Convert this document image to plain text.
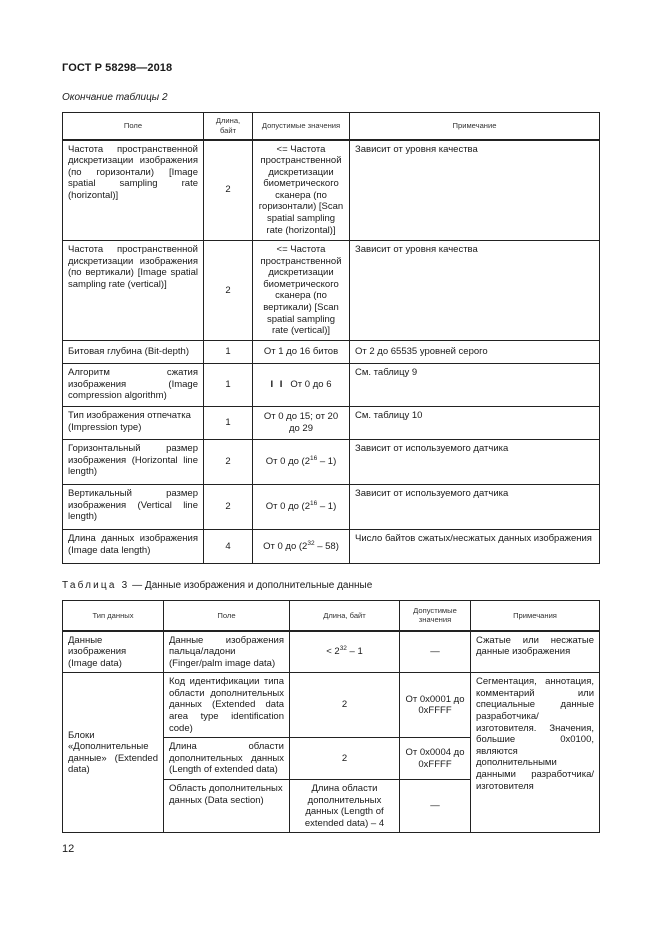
ГОСТ Р 58298—2018
Окончание таблицы 2
Поле	Длина, байт	Допустимые значения	Примечание
Частота пространственной дискретизации изображения (по горизонтали) [Image spatial sampling rate (horizontal)]	2	<= Частота пространственной дискретизации биометрического сканера (по горизонтали) [Scan spatial sampling rate (horizontal)]	Зависит от уровня качества
Частота пространственной дискретизации изображения (по вертикали) [Image spatial sampling rate (vertical)]	2	<= Частота пространственной дискретизации биометрического сканера (по вертикали) [Scan spatial sampling rate (vertical)]	Зависит от уровня качества
Битовая глубина (Bit-depth)	1	От 1 до 16 битов	От 2 до 65535 уровней серого
Алгоритм сжатия изображения (Image compression algorithm)	1	I I От 0 до 6	См. таблицу 9
Тип изображения отпечатка (Impression type)	1	От 0 до 15; от 20 до 29	См. таблицу 10
Горизонтальный размер изображения (Horizontal line length)	2	От 0 до $(2^{16} - 1)$	Зависит от используемого датчика
Вертикальный размер изображения (Vertical line length)	2	От 0 до $(2^{16} - 1)$	Зависит от используемого датчика
Длина данных изображения (Image data length)	4	От 0 до $(2^{32} - 58)$	Число байтов сжатых/несжатых данных изображения
Таблица 3 — Данные изображения и дополнительные данные
Тип данных	Поле	Длина, байт	Допустимые значения	Примечания
Данные изображения (Image data)	Данные изображения пальца/ладони (Finger/palm image data)	< $2^{32} - 1$	—	Сжатые или несжатые данные изображения
Блоки «Дополнительные данные» (Extended data)	Код идентификации типа области дополнительных данных (Extended data area type identification code)	2	От 0x0001 до 0xFFFF	Сегментация, аннотация, комментарий или специальные данные разработчика/изготовителя. Значения, большие 0x0100, являются дополнительными данными разработчика/изготовителя
	Длина области дополнительных данных (Length of extended data)	2	От 0x0004 до 0xFFFF	
	Область дополнительных данных (Data section)	Длина области дополнительных данных (Length of extended data) – 4	—	
12
